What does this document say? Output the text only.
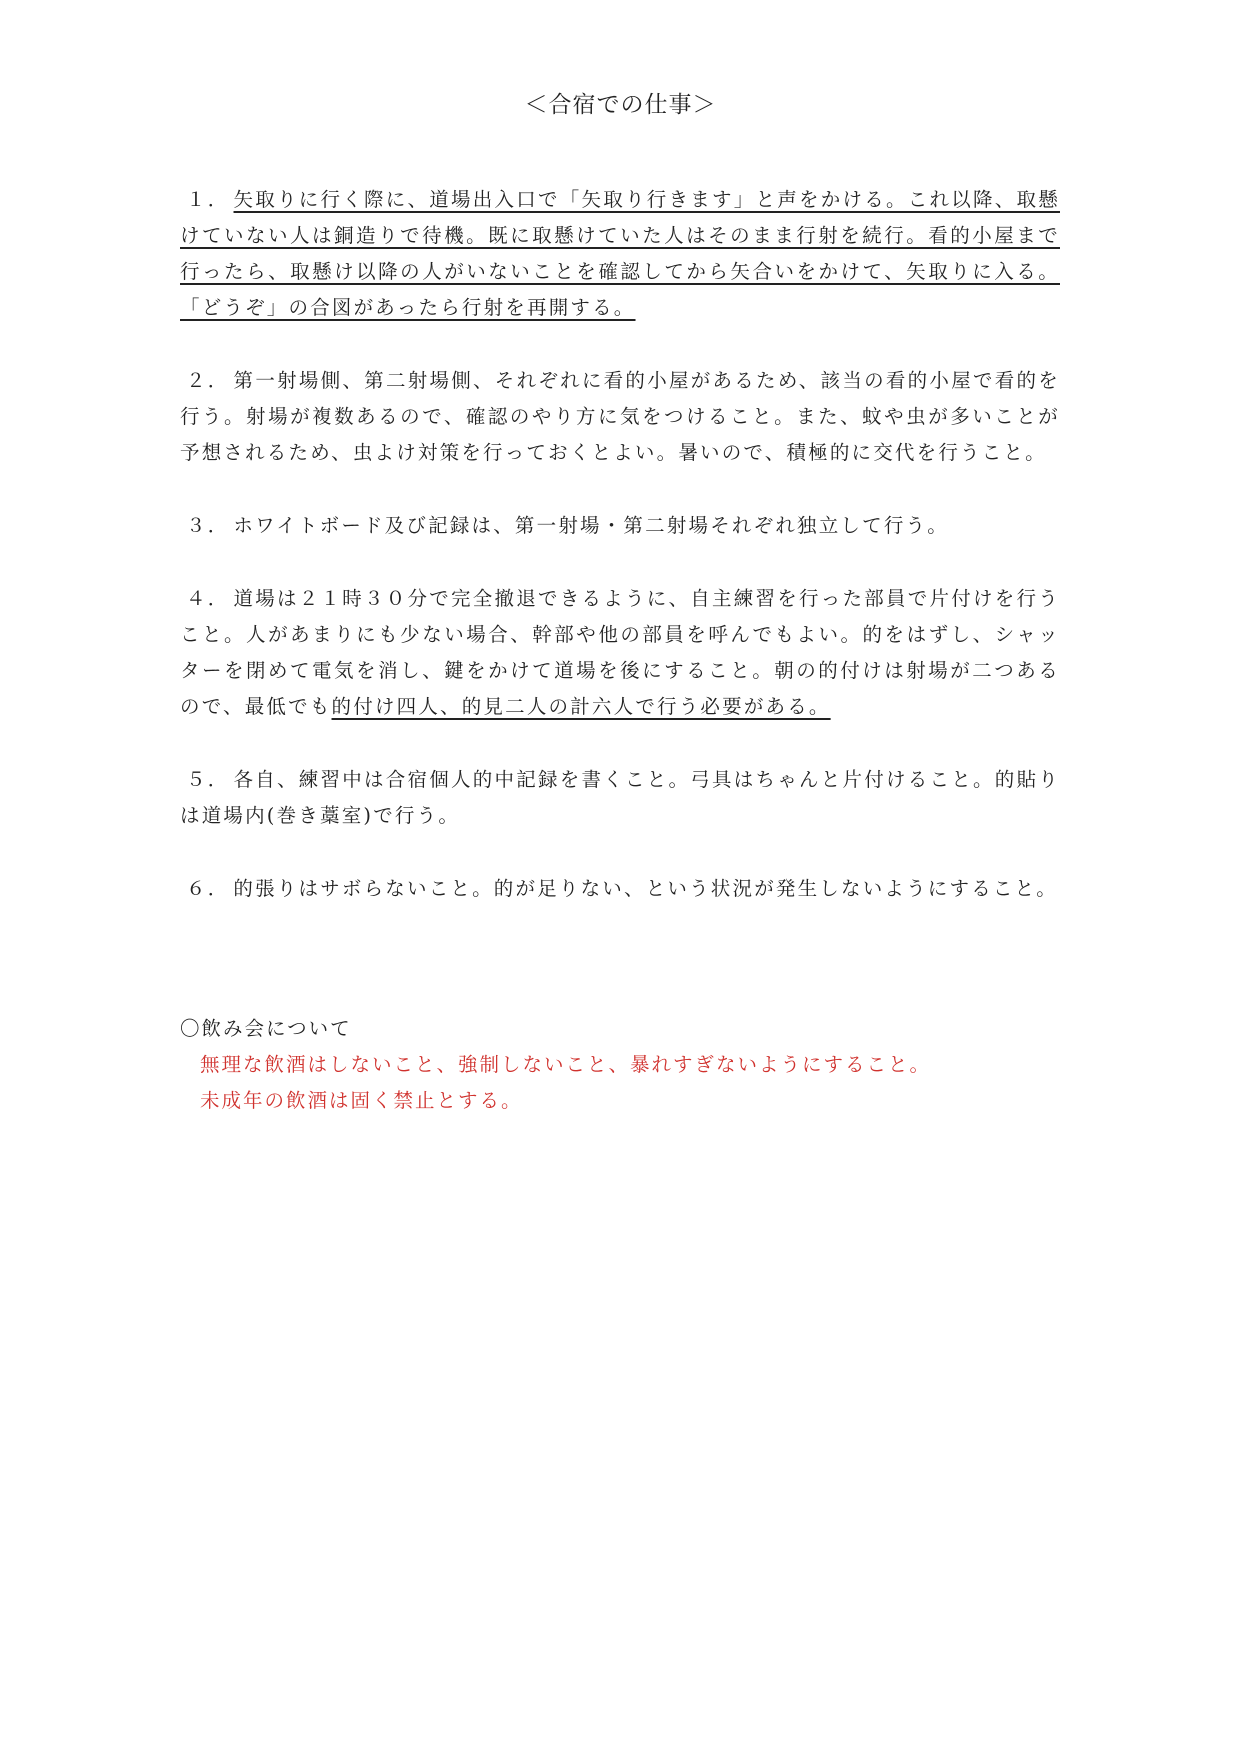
＜合宿での仕事＞
１． 矢取りに行く際に、道場出入口で「矢取り行きます」と声をかける。これ以降、取懸けていない人は銅造りで待機。既に取懸けていた人はそのまま行射を続行。看的小屋まで行ったら、取懸け以降の人がいないことを確認してから矢合いをかけて、矢取りに入る。「どうぞ」の合図があったら行射を再開する。
２． 第一射場側、第二射場側、それぞれに看的小屋があるため、該当の看的小屋で看的を行う。射場が複数あるので、確認のやり方に気をつけること。また、蚊や虫が多いことが予想されるため、虫よけ対策を行っておくとよい。暑いので、積極的に交代を行うこと。
３． ホワイトボード及び記録は、第一射場・第二射場それぞれ独立して行う。
４． 道場は２１時３０分で完全撤退できるように、自主練習を行った部員で片付けを行うこと。人があまりにも少ない場合、幹部や他の部員を呼んでもよい。的をはずし、シャッターを閉めて電気を消し、鍵をかけて道場を後にすること。朝の的付けは射場が二つあるので、最低でも的付け四人、的見二人の計六人で行う必要がある。
５． 各自、練習中は合宿個人的中記録を書くこと。弓具はちゃんと片付けること。的貼りは道場内(巻き藁室)で行う。
６． 的張りはサボらないこと。的が足りない、という状況が発生しないようにすること。
〇飲み会について
無理な飲酒はしないこと、強制しないこと、暴れすぎないようにすること。
未成年の飲酒は固く禁止とする。
